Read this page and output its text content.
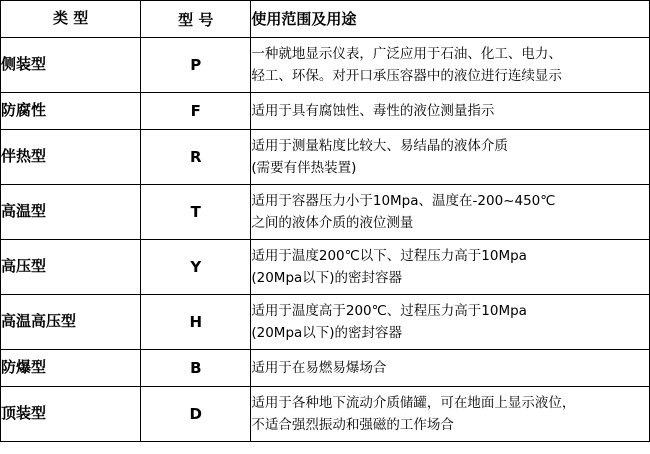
类 型	型 号	使用范围及用途
侧装型	P	一种就地显示仪表，广泛应用于石油、化工、电力、
轻工、环保。对开口承压容器中的液位进行连续显示

防腐性	F	适用于具有腐蚀性、毒性的液位测量指示

伴热型	R	适用于测量粘度比较大、易结晶的液体介质
(需要有伴热装置)

高温型	T	适用于容器压力小于10Mpa、温度在-200~450℃
之间的液体介质的液位测量

高压型	Y	适用于温度200℃以下、过程压力高于10Mpa
(20Mpa以下)的密封容器

高温高压型	H	适用于温度高于200℃、过程压力高于10Mpa
(20Mpa以下)的密封容器

防爆型	B	适用于在易燃易爆场合

顶装型	D	适用于各种地下流动介质储罐，可在地面上显示液位，
不适合强烈振动和强磁的工作场合
